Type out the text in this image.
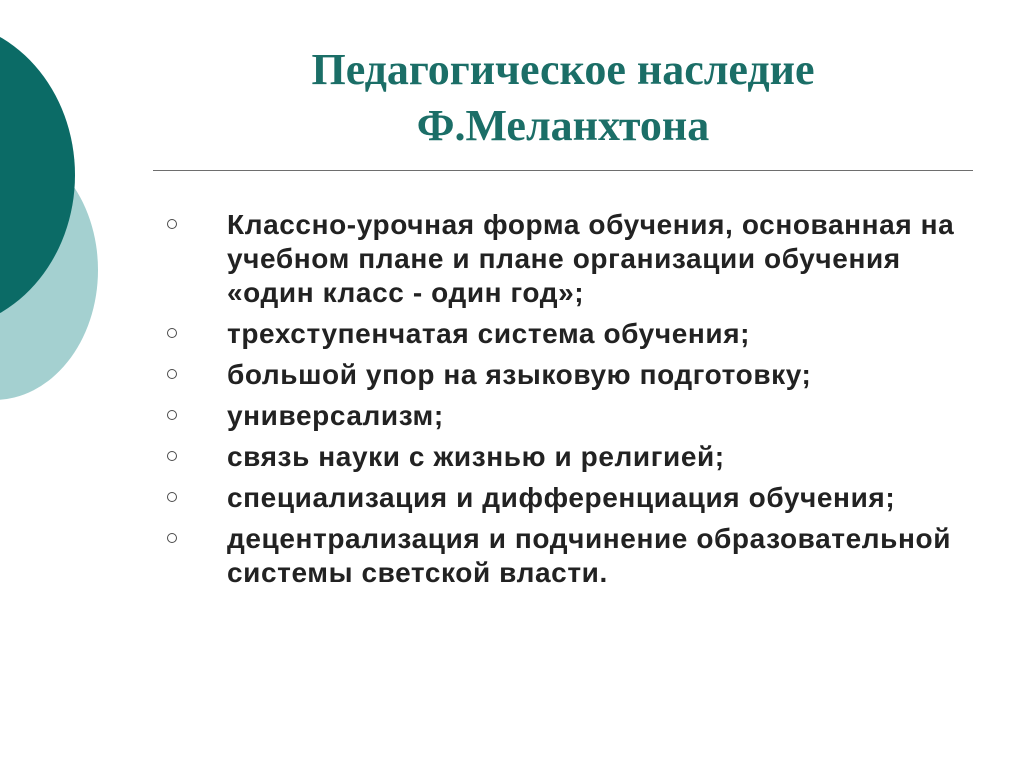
Педагогическое наследие
Ф.Меланхтона
Классно-урочная форма обучения, основанная на учебном плане и плане организации обучения «один класс - один год»;
трехступенчатая система обучения;
большой упор на языковую подготовку;
универсализм;
связь науки с жизнью и религией;
специализация и дифференциация обучения;
децентрализация и подчинение образовательной системы светской власти.
